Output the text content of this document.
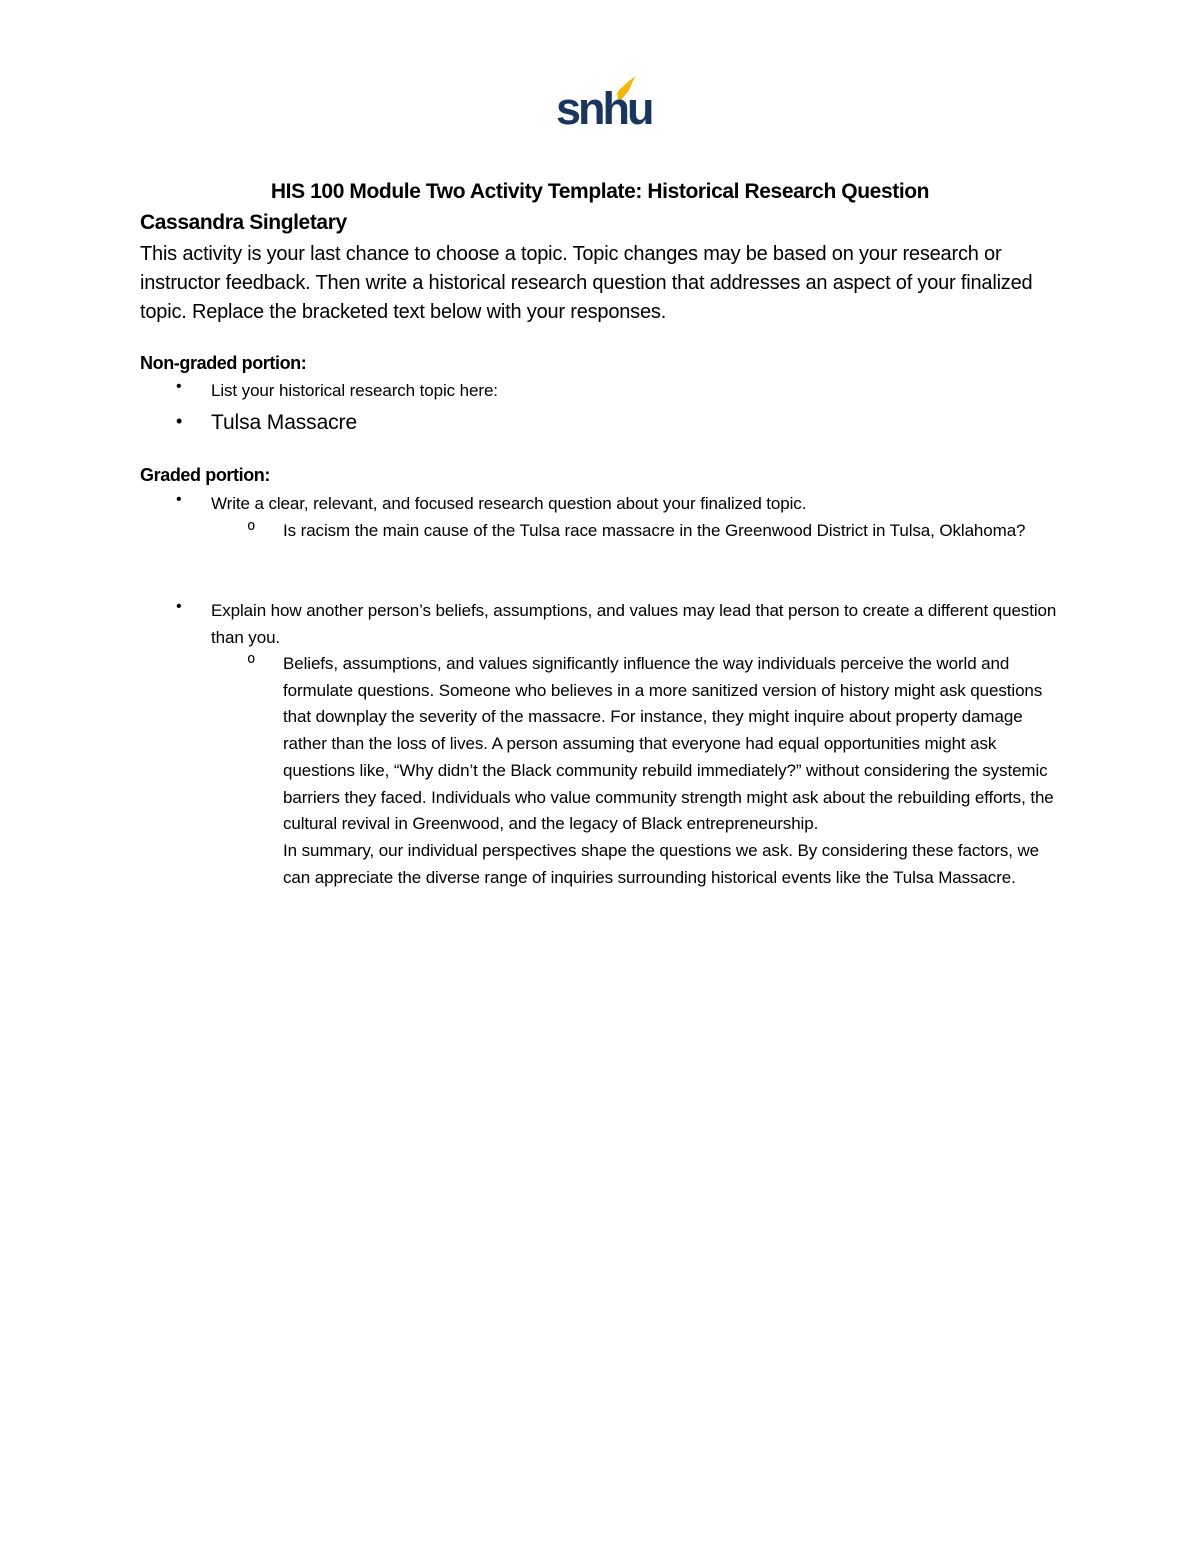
snhu
HIS 100 Module Two Activity Template: Historical Research Question
Cassandra Singletary
This activity is your last chance to choose a topic. Topic changes may be based on your research or instructor feedback. Then write a historical research question that addresses an aspect of your finalized topic. Replace the bracketed text below with your responses.
Non-graded portion:
• List your historical research topic here:
• Tulsa Massacre
Graded portion:
• Write a clear, relevant, and focused research question about your finalized topic.
o Is racism the main cause of the Tulsa race massacre in the Greenwood District in Tulsa, Oklahoma?
• Explain how another person’s beliefs, assumptions, and values may lead that person to create a different question than you.
o Beliefs, assumptions, and values significantly influence the way individuals perceive the world and formulate questions. Someone who believes in a more sanitized version of history might ask questions that downplay the severity of the massacre. For instance, they might inquire about property damage rather than the loss of lives. A person assuming that everyone had equal opportunities might ask questions like, “Why didn’t the Black community rebuild immediately?” without considering the systemic barriers they faced. Individuals who value community strength might ask about the rebuilding efforts, the cultural revival in Greenwood, and the legacy of Black entrepreneurship.
In summary, our individual perspectives shape the questions we ask. By considering these factors, we can appreciate the diverse range of inquiries surrounding historical events like the Tulsa Massacre.
